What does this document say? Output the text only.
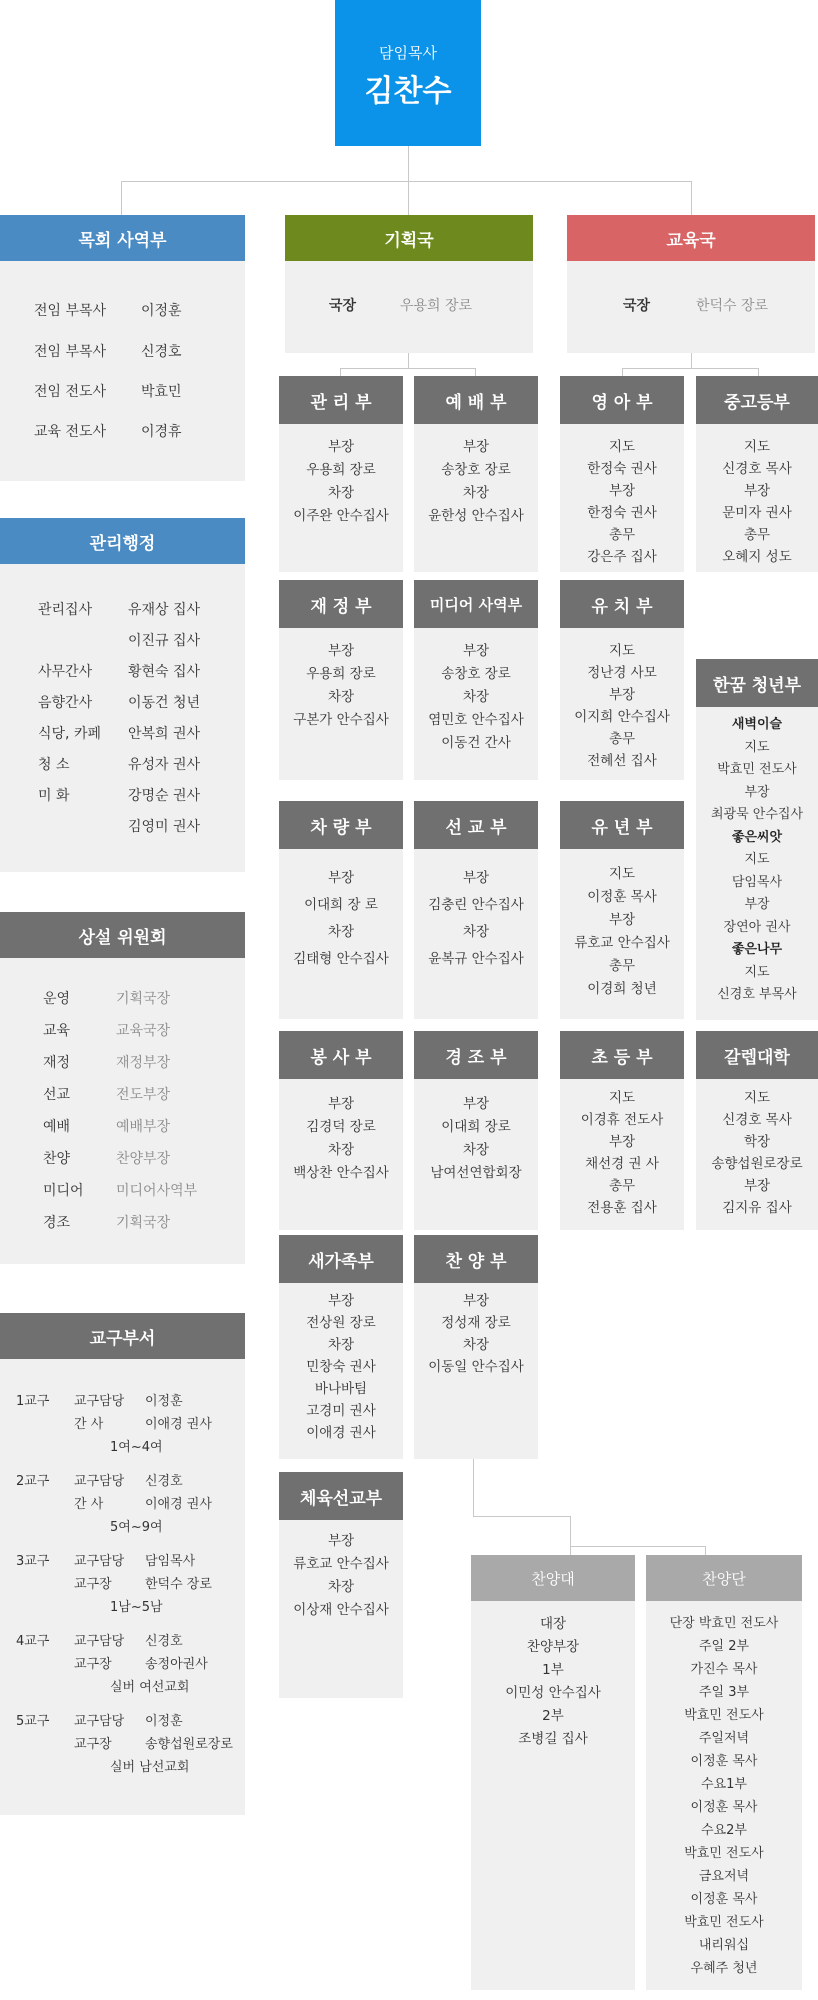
담임목사
김찬수
목회 사역부
전임 부목사 이정훈
전임 부목사 신경호
전임 전도사 박효민
교육 전도사 이경휴
관리행정
관리집사	유재상 집사
이진규 집사
사무간사	황현숙 집사
음향간사	이동건 청년
식당, 카페 안복희 권사
청 소	유성자 권사
미 화	강명순 권사
김영미 권사
상설 위원회
운영	기획국장
교육	교육국장
재정	재정부장
선교	전도부장
예배	예배부장
찬양	찬양부장
미디어 미디어사역부
경조	기획국장
교구부서
1교구 교구담당 이정훈
간 사	이애경 권사
1여~4여
2교구 교구담당 신경호
간 사	이애경 권사
5여~9여
3교구 교구담당 담임목사
교구장	한덕수 장로
1남~5남
4교구 교구담당 신경호
교구장	송정아권사
실버 여선교회
5교구 교구담당 이정훈
교구장	송향섭원로장로
실버 남선교회
기획국
국장	우용희 장로
교육국
국장	한덕수 장로
관 리 부
부장
우용희 장로
차장
이주완 안수집사
예 배 부
부장
송창호 장로
차장
윤한성 안수집사
영 아 부
지도
한정숙 권사
부장
한정숙 권사
총무
강은주 집사
중고등부
지도
신경호 목사
부장
문미자 권사
총무
오혜지 성도
재 정 부
부장
우용희 장로
차장
구본가 안수집사
미디어 사역부
부장
송창호 장로
차장
염민호 안수집사
이동건 간사
유 치 부
지도
정난경 사모
부장
이지희 안수집사
총무
전혜선 집사
한꿈 청년부
새벽이슬
지도
박효민 전도사
부장
최광묵 안수집사
좋은씨앗
지도
담임목사
부장
장연아 권사
좋은나무
지도
신경호 부목사
차 량 부
부장
이대희 장 로
차장
김태형 안수집사
선 교 부
부장
김충린 안수집사
차장
윤복규 안수집사
유 년 부
지도
이정훈 목사
부장
류호교 안수집사
총무
이경희 청년
봉 사 부
부장
김경덕 장로
차장
백상찬 안수집사
경 조 부
부장
이대희 장로
차장
남여선연합회장
초 등 부
지도
이경휴 전도사
부장
채선경 권 사
총무
전용훈 집사
갈렙대학
지도
신경호 목사
학장
송향섭원로장로
부장
김지유 집사
새가족부
부장
전상원 장로
차장
민창숙 권사
바나바팀
고경미 권사
이애경 권사
찬 양 부
부장
정성재 장로
차장
이동일 안수집사
체육선교부
부장
류호교 안수집사
차장
이상재 안수집사
찬양대
대장
찬양부장
1부
이민성 안수집사
2부
조병길 집사
찬양단
단장 박효민 전도사
주일 2부
가진수 목사
주일 3부
박효민 전도사
주일저녁
이정훈 목사
수요1부
이정훈 목사
수요2부
박효민 전도사
금요저녁
이정훈 목사
박효민 전도사
내리워십
우혜주 청년
